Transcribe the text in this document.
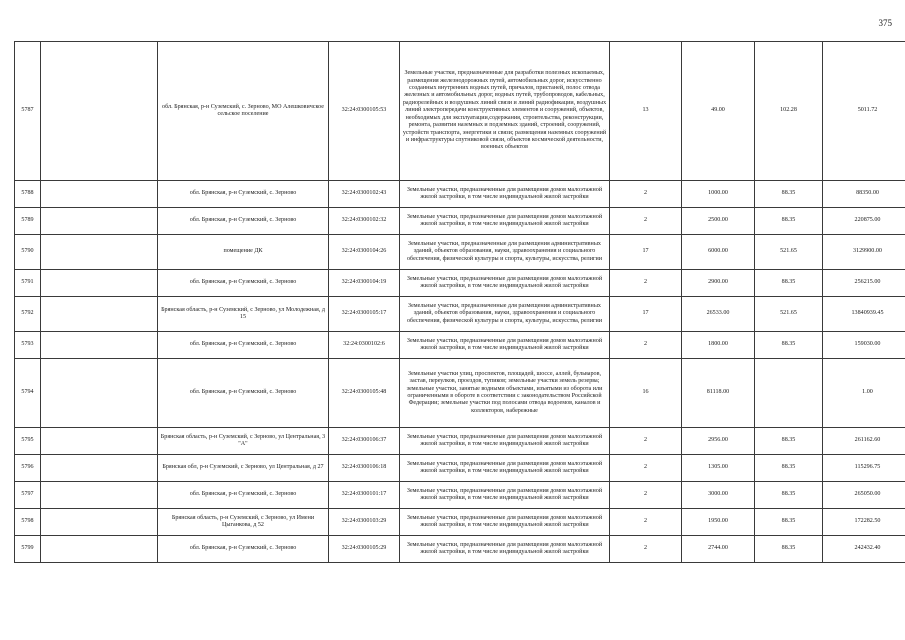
375
5787		обл. Брянская, р-н Суземский, с. Зерново, МО Алешковичское сельское поселение	32:24:0300105:53	Земельные участки, предназначенные для разработки полезных ископаемых, размещения железнодорожных путей, автомобильных дорог, искусственно созданных внутренних водных путей, причалов, пристаней, полос отвода железных и автомобильных дорог, водных путей, трубопроводов, кабельных, радиорелейных и воздушных линий связи и линий радиофикации, воздушных линий электропередачи конструктивных элементов и сооружений, объектов, необходимых для эксплуатации,содержания, строительства, реконструкции, ремонта, развития наземных и подземных зданий, строений, сооружений, устройств транспорта, энергетики и связи; размещения наземных сооружений и инфраструктуры спутниковой связи, объектов космической деятельности, военных объектов	13	49.00	102.28	5011.72
5788		обл. Брянская, р-н Суземский, с. Зерново	32:24:0300102:43	Земельные участки, предназначенные для размещения домов малоэтажной жилой застройки, в том числе индивидуальной жилой застройки	2	1000.00	88.35	88350.00
5789		обл. Брянская, р-н Суземский, с. Зерново	32:24:0300102:32	Земельные участки, предназначенные для размещения домов малоэтажной жилой застройки, в том числе индивидуальной жилой застройки	2	2500.00	88.35	220875.00
5790		помещение ДК	32:24:0300104:26	Земельные участки, предназначенные для размещения административных зданий, объектов образования, науки, здравоохранения и социального обеспечения, физической культуры и спорта, культуры, искусства, религии	17	6000.00	521.65	3129900.00
5791		обл. Брянская, р-н Суземский, с. Зерново	32:24:0300104:19	Земельные участки, предназначенные для размещения домов малоэтажной жилой застройки, в том числе индивидуальной жилой застройки	2	2900.00	88.35	256215.00
5792		Брянская область, р-н Суземский, с Зерново, ул Молодежная, д 15	32:24:0300105:17	Земельные участки, предназначенные для размещения административных зданий, объектов образования, науки, здравоохранения и социального обеспечения, физической культуры и спорта, культуры, искусства, религии	17	26533.00	521.65	13840939.45
5793		обл. Брянская, р-н Суземский, с. Зерново	32:24:0300102:6	Земельные участки, предназначенные для размещения домов малоэтажной жилой застройки, в том числе индивидуальной жилой застройки	2	1800.00	88.35	159030.00
5794		обл. Брянская, р-н Суземский, с. Зерново	32:24:0300105:48	Земельные участки улиц, проспектов, площадей, шоссе, аллей, бульваров, застав, переулков, проездов, тупиков; земельные участки земель резерва; земельные участки, занятые водными объектами, изъятыми из оборота или ограниченными в обороте в соответствии с законодательством Российской Федерации; земельные участки под полосами отвода водоемов, каналов и коллекторов, набережные	16	81118.00		1.00
5795		Брянская область, р-н Суземский, с Зерново, ул Центральная, 3 "А"	32:24:0300106:37	Земельные участки, предназначенные для размещения домов малоэтажной жилой застройки, в том числе индивидуальной жилой застройки	2	2956.00	88.35	261162.60
5796		Брянская обл, р-н Суземский, с Зерново, ул Центральная, д 27	32:24:0300106:18	Земельные участки, предназначенные для размещения домов малоэтажной жилой застройки, в том числе индивидуальной жилой застройки	2	1305.00	88.35	115296.75
5797		обл. Брянская, р-н Суземский, с. Зерново	32:24:0300101:17	Земельные участки, предназначенные для размещения домов малоэтажной жилой застройки, в том числе индивидуальной жилой застройки	2	3000.00	88.35	265050.00
5798		Брянская область, р-н Суземский, с Зерново, ул Имени Цыганкова, д 52	32:24:0300103:29	Земельные участки, предназначенные для размещения домов малоэтажной жилой застройки, в том числе индивидуальной жилой застройки	2	1950.00	88.35	172282.50
5799		обл. Брянская, р-н Суземский, с. Зерново	32:24:0300105:29	Земельные участки, предназначенные для размещения домов малоэтажной жилой застройки, в том числе индивидуальной жилой застройки	2	2744.00	88.35	242432.40
